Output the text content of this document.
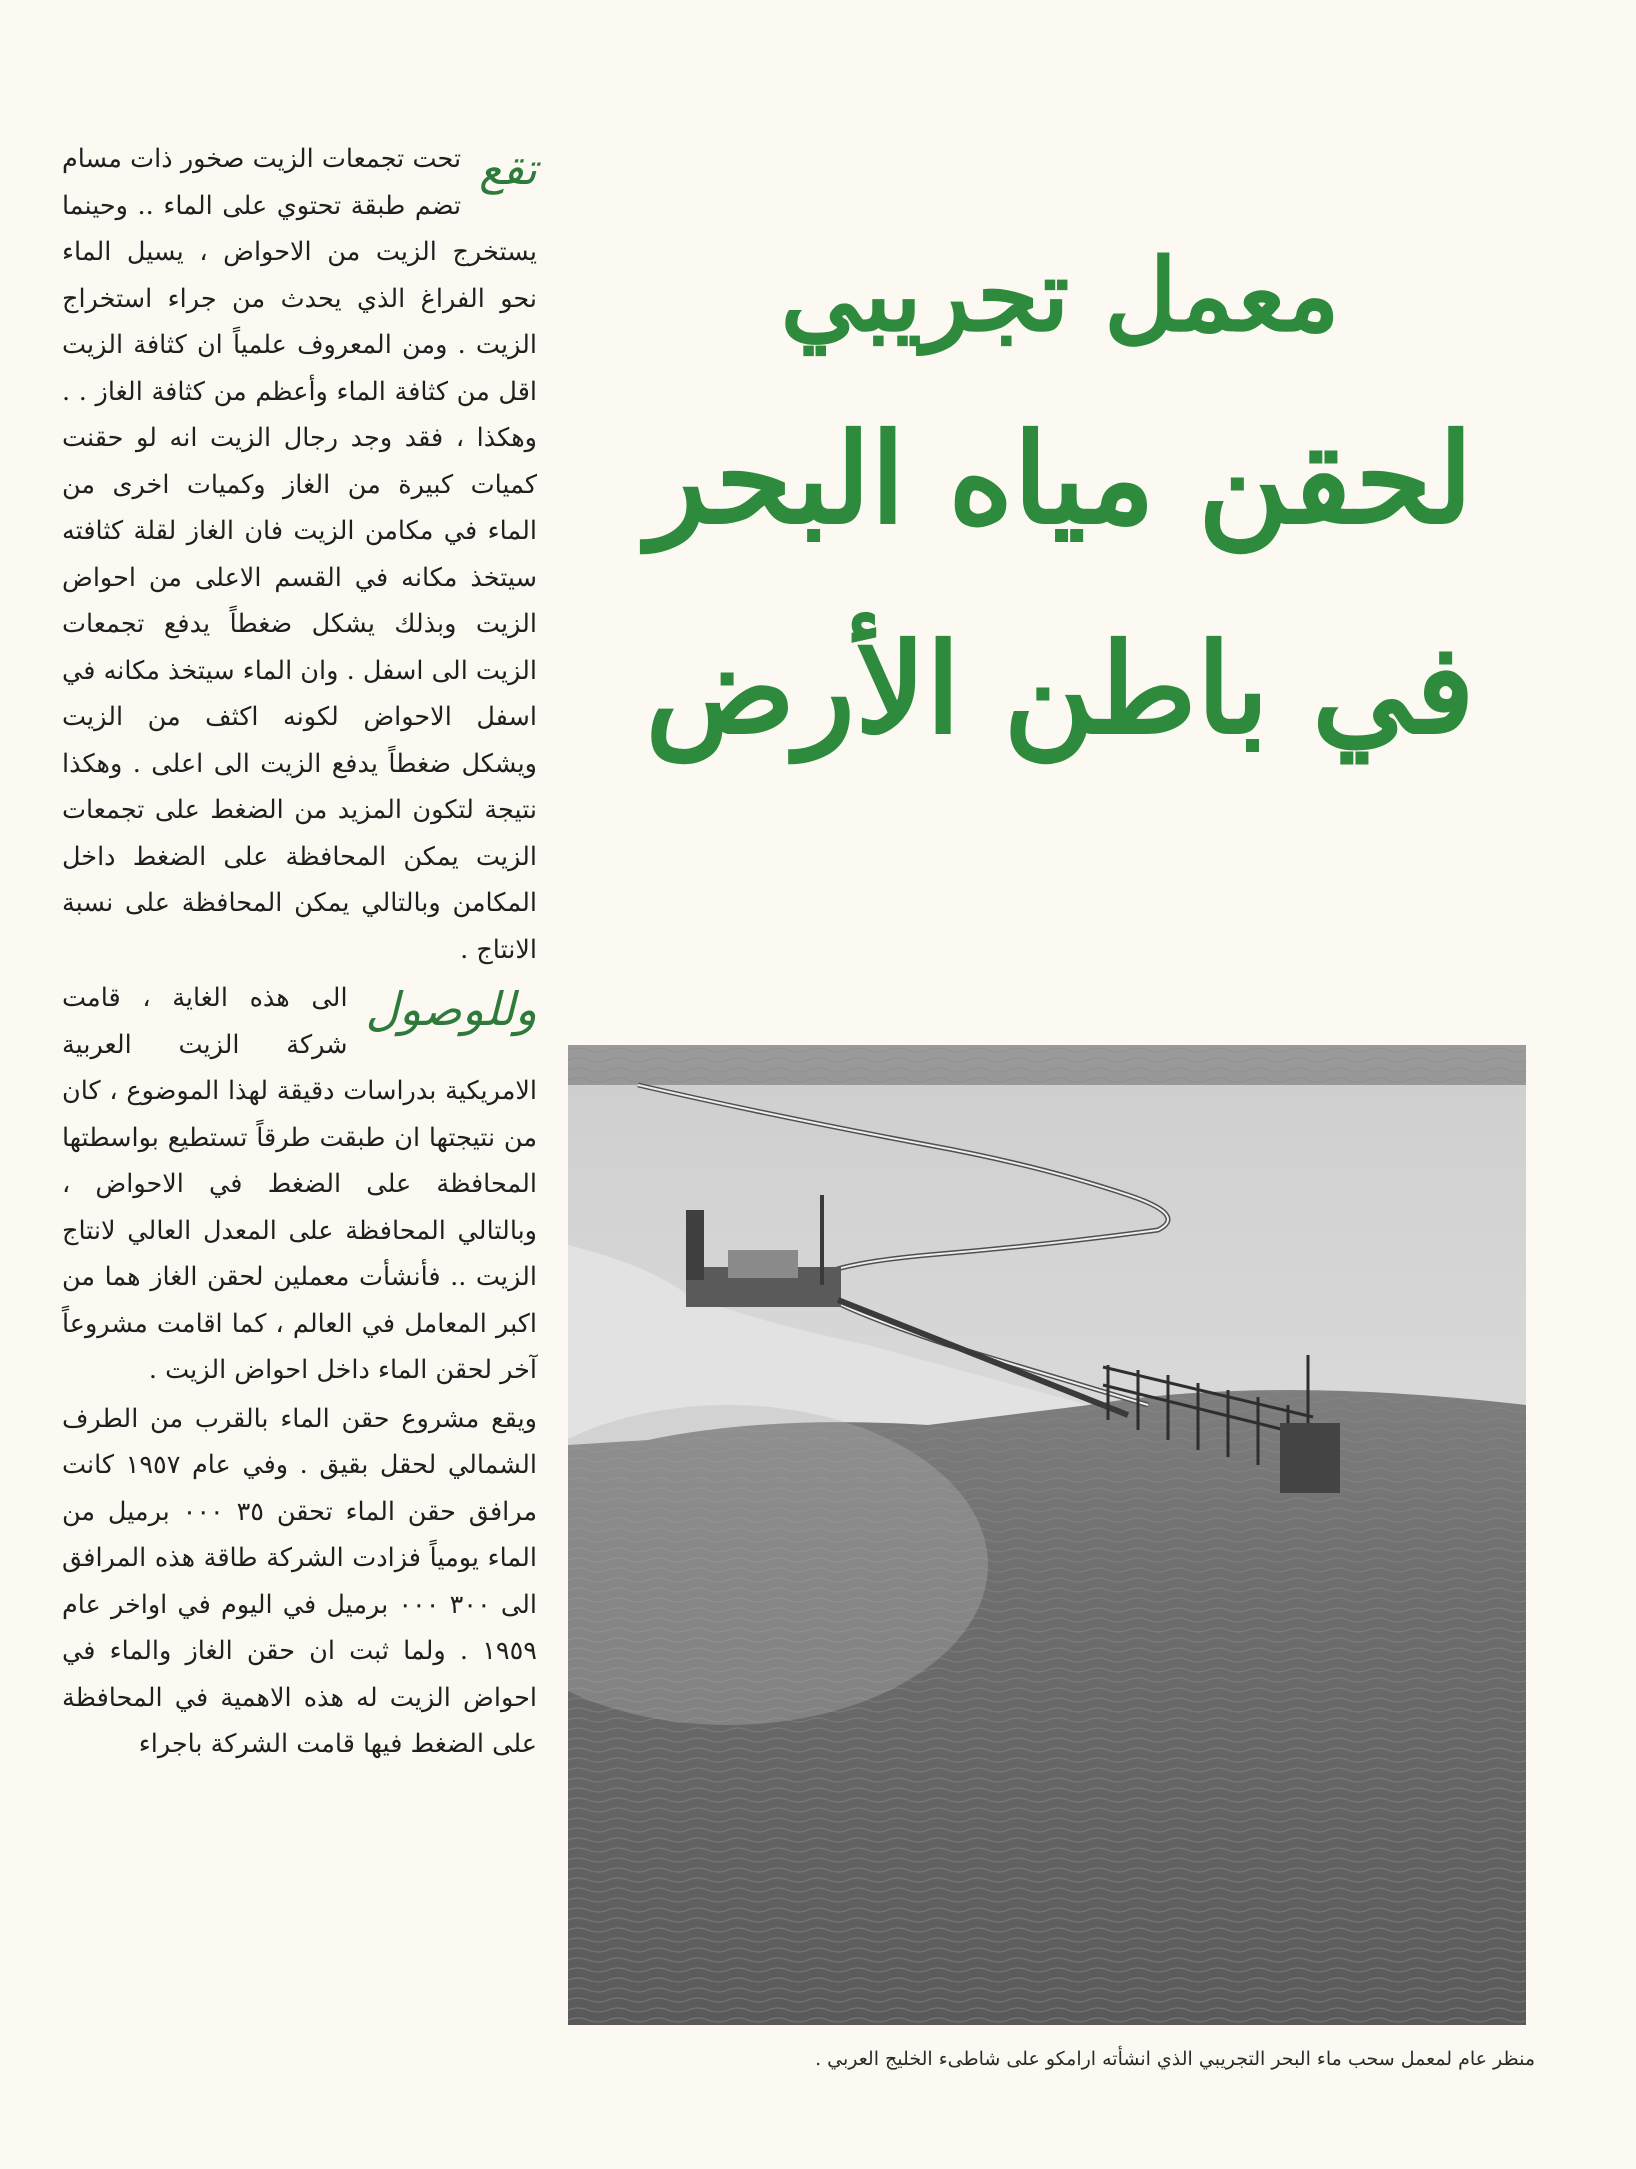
معمل تجريبي
لحقن مياه البحر
في باطن الأرض

تقع
تحت تجمعات الزيت صخور ذات مسام تضم طبقة تحتوي على الماء .. وحينما يستخرج الزيت من الاحواض ، يسيل الماء نحو الفراغ الذي يحدث من جراء استخراج الزيت . ومن المعروف علمياً ان كثافة الزيت اقل من كثافة الماء وأعظم من كثافة الغاز . . وهكذا ، فقد وجد رجال الزيت انه لو حقنت كميات كبيرة من الغاز وكميات اخرى من الماء في مكامن الزيت فان الغاز لقلة كثافته سيتخذ مكانه في القسم الاعلى من احواض الزيت وبذلك يشكل ضغطاً يدفع تجمعات الزيت الى اسفل . وان الماء سيتخذ مكانه في اسفل الاحواض لكونه اكثف من الزيت ويشكل ضغطاً يدفع الزيت الى اعلى . وهكذا نتيجة لتكون المزيد من الضغط على تجمعات الزيت يمكن المحافظة على الضغط داخل المكامن وبالتالي يمكن المحافظة على نسبة الانتاج .

وللوصول
الى هذه الغاية ، قامت شركة الزيت العربية الامريكية بدراسات دقيقة لهذا الموضوع ، كان من نتيجتها ان طبقت طرقاً تستطيع بواسطتها المحافظة على الضغط في الاحواض ، وبالتالي المحافظة على المعدل العالي لانتاج الزيت .. فأنشأت معملين لحقن الغاز هما من اكبر المعامل في العالم ، كما اقامت مشروعاً آخر لحقن الماء داخل احواض الزيت .

ويقع مشروع حقن الماء بالقرب من الطرف الشمالي لحقل بقيق . وفي عام ١٩٥٧ كانت مرافق حقن الماء تحقن ٣٥ ٠٠٠ برميل من الماء يومياً فزادت الشركة طاقة هذه المرافق الى ٣٠٠ ٠٠٠ برميل في اليوم في اواخر عام ١٩٥٩ . ولما ثبت ان حقن الغاز والماء في احواض الزيت له هذه الاهمية في المحافظة على الضغط فيها قامت الشركة باجراء

منظر عام لمعمل سحب ماء البحر التجريبي الذي انشأته ارامكو على شاطىء الخليج العربي .
